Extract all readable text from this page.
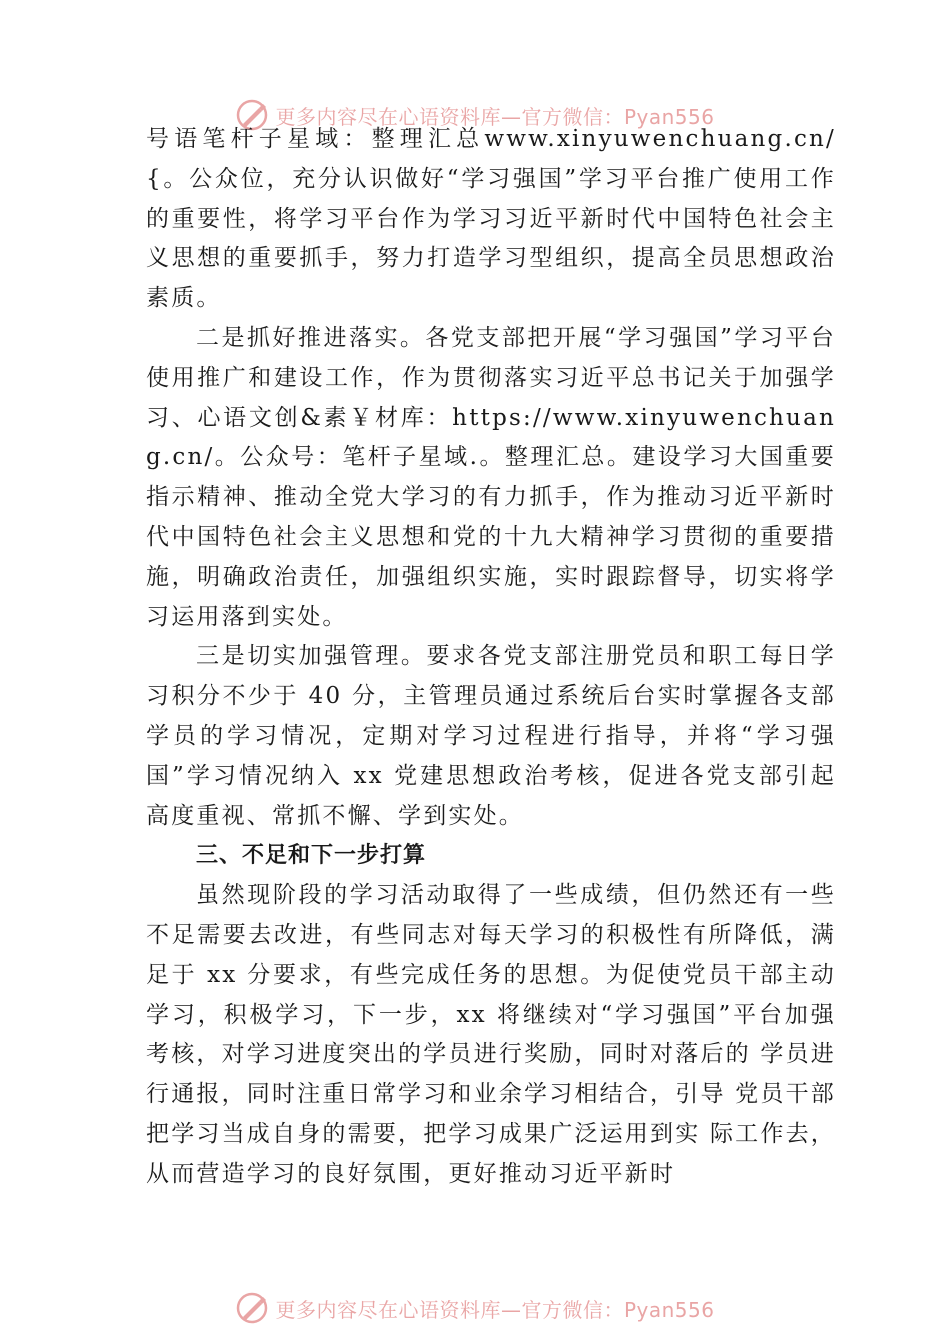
更多内容尽在心语资料库—官方微信：Pyan556

号语笔杆子星域：整理汇总www.xinyuwenchuang.cn/{。公众位，充分认识做好“学习强国”学习平台推广使用工作的重要性，将学习平台作为学习习近平新时代中国特色社会主义思想的重要抓手，努力打造学习型组织，提高全员思想政治素质。

二是抓好推进落实。各党支部把开展“学习强国”学习平台使用推广和建设工作，作为贯彻落实习近平总书记关于加强学习、心语文创&素￥材库：https://www.xinyuwenchuang.cn/。公众号：笔杆子星域.。整理汇总。建设学习大国重要指示精神、推动全党大学习的有力抓手，作为推动习近平新时代中国特色社会主义思想和党的十九大精神学习贯彻的重要措施，明确政治责任，加强组织实施，实时跟踪督导，切实将学习运用落到实处。

三是切实加强管理。要求各党支部注册党员和职工每日学习积分不少于 40 分，主管理员通过系统后台实时掌握各支部学员的学习情况，定期对学习过程进行指导，并将“学习强国”学习情况纳入 xx 党建思想政治考核，促进各党支部引起高度重视、常抓不懈、学到实处。

三、不足和下一步打算

虽然现阶段的学习活动取得了一些成绩，但仍然还有一些不足需要去改进，有些同志对每天学习的积极性有所降低，满足于 xx 分要求，有些完成任务的思想。为促使党员干部主动学习，积极学习，下一步，xx 将继续对“学习强国”平台加强考核，对学习进度突出的学员进行奖励，同时对落后的 学员进行通报，同时注重日常学习和业余学习相结合，引导 党员干部把学习当成自身的需要，把学习成果广泛运用到实 际工作去，从而营造学习的良好氛围，更好推动习近平新时

更多内容尽在心语资料库—官方微信：Pyan556
